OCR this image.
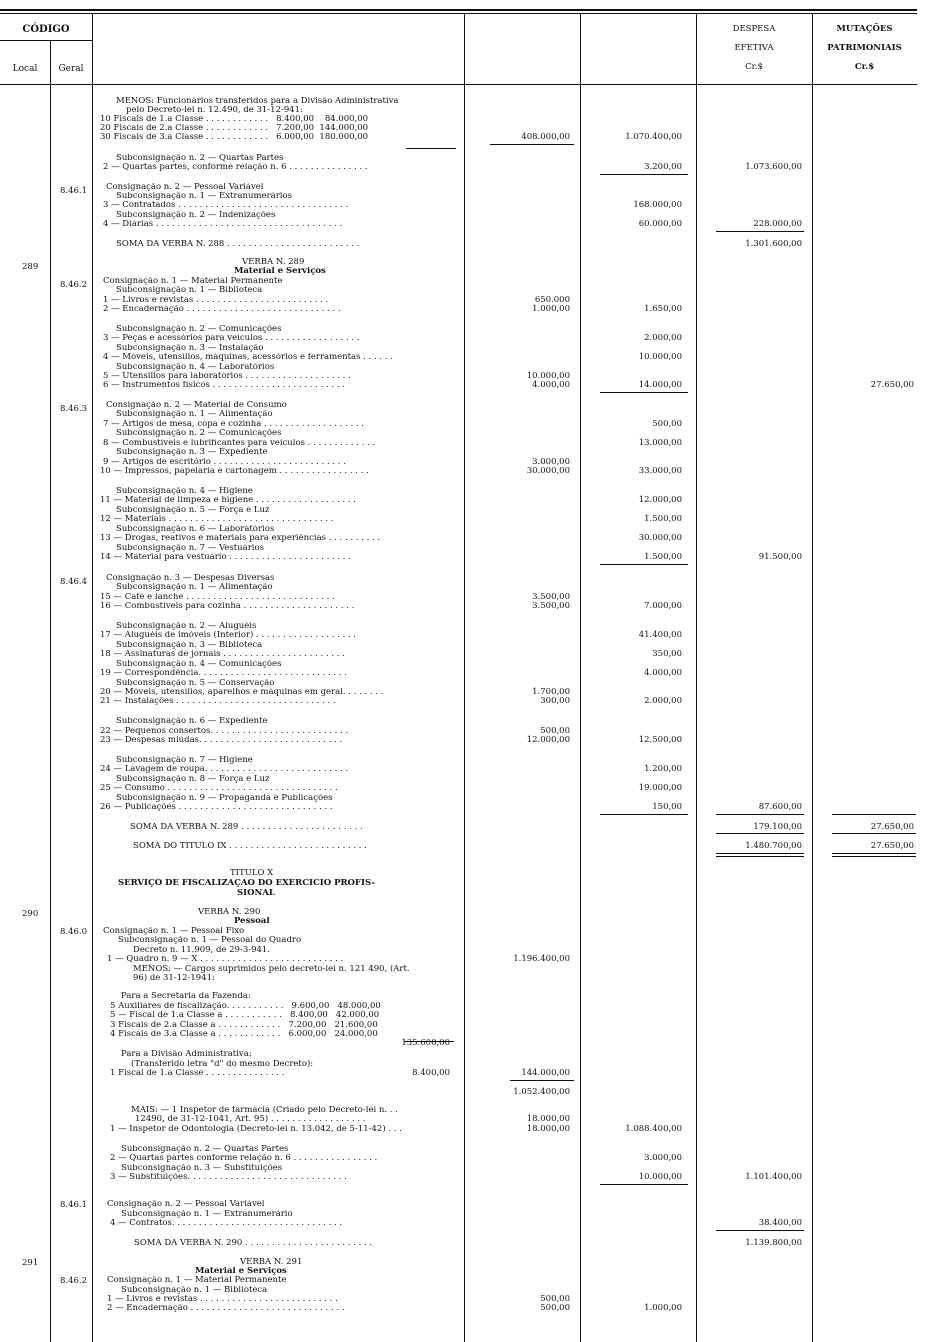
CÓDIGO
Local	Geral
DESPESA
EFETIVA
Cr.$
MUTAÇÕES
PATRIMONIAIS
Cr.$
8.46.1
289
8.46.2
8.46.3
8.46.4
290
8.46.0
8.46.1
291
8.46.2
MENOS: Funcionários transferidos para a Divisão Administrativa
pelo Decreto-lei n. 12.490, de 31-12-941:
10 Fiscais de 1.a Classe . . . . . . . . . . . .   8.400,00    84.000,00
20 Fiscais de 2.a Classe . . . . . . . . . . . .   7.200,00  144.000,00
30 Fiscais de 3.a Classe . . . . . . . . . . . .   6.000,00  180.000,00
Subconsignação n. 2 — Quartas Partes
2 — Quartas partes, conforme relação n. 6 . . . . . . . . . . . . . . .
Consignação n. 2 — Pessoal Variável
Subconsignação n. 1 — Extranumerários
3 — Contratados . . . . . . . . . . . . . . . . . . . . . . . . . . . . . . . .
Subconsignação n. 2 — Indenizações
4 — Diárias . . . . . . . . . . . . . . . . . . . . . . . . . . . . . . . . . . .
SOMA DA VERBA N. 288 . . . . . . . . . . . . . . . . . . . . . . . . .
VERBA N. 289
Material e Serviços
Consignação n. 1 — Material Permanente
Subconsignação n. 1 — Biblioteca
1 — Livros e revistas . . . . . . . . . . . . . . . . . . . . . . . . .
2 — Encadernação . . . . . . . . . . . . . . . . . . . . . . . . . . . . .
Subconsignação n. 2 — Comunicações
3 — Peças e acessórios para veículos . . . . . . . . . . . . . . . . . .
Subconsignação n. 3 — Instalação
4 — Móveis, utensílios, máquinas, acessórios e ferramentas . . . . . .
Subconsignação n. 4 — Laboratórios
5 — Utensílios para laboratórios . . . . . . . . . . . . . . . . . . . .
6 — Instrumentos físicos . . . . . . . . . . . . . . . . . . . . . . . . .
Consignação n. 2 — Material de Consumo
Subconsignação n. 1 — Alimentação
7 — Artigos de mesa, copa e cozinha . . . . . . . . . . . . . . . . . . .
Subconsignação n. 2 — Comunicações
8 — Combustíveis e lubrificantes para veículos . . . . . . . . . . . . .
Subconsignação n. 3 — Expediente
9 — Artigos de escritório . . . . . . . . . . . . . . . . . . . . . . . . .
10 — Impressos, papelaria e cartonagem . . . . . . . . . . . . . . . . .
Subconsignação n. 4 — Higiene
11 — Material de limpeza e higiene . . . . . . . . . . . . . . . . . . .
Subconsignação n. 5 — Força e Luz
12 — Materiais . . . . . . . . . . . . . . . . . . . . . . . . . . . . . . .
Subconsignação n. 6 — Laboratórios
13 — Drogas, reativos e materiais para experiências . . . . . . . . . .
Subconsignação n. 7 — Vestuários
14 — Material para vestuário . . . . . . . . . . . . . . . . . . . . . . .
Consignação n. 3 — Despesas Diversas
Subconsignação n. 1 — Alimentação
15 — Café e lanche . . . . . . . . . . . . . . . . . . . . . . . . . . . .
16 — Combustíveis para cozinha . . . . . . . . . . . . . . . . . . . . .
Subconsignação n. 2 — Aluguéis
17 — Aluguéis de imóveis (Interior) . . . . . . . . . . . . . . . . . . .
Subconsignação n. 3 — Biblioteca
18 — Assinaturas de jornais . . . . . . . . . . . . . . . . . . . . . . .
Subconsignação n. 4 — Comunicações
19 — Correspondência. . . . . . . . . . . . . . . . . . . . . . . . . . . .
Subconsignação n. 5 — Conservação
20 — Móveis, utensílios, aparelhos e máquinas em geral. . . . . . . .
21 — Instalações . . . . . . . . . . . . . . . . . . . . . . . . . . . . . .
Subconsignação n. 6 — Expediente
22 — Pequenos consertos. . . . . . . . . . . . . . . . . . . . . . . . . .
23 — Despesas miúdas. . . . . . . . . . . . . . . . . . . . . . . . . . .
Subconsignação n. 7 — Higiene
24 — Lavagem de roupa. . . . . . . . . . . . . . . . . . . . . . . . . . .
Subconsignação n. 8 — Força e Luz
25 — Consumo . . . . . . . . . . . . . . . . . . . . . . . . . . . . . . . .
Subconsignação n. 9 — Propaganda e Publicações
26 — Publicações . . . . . . . . . . . . . . . . . . . . . . . . . . . . .
SOMA DA VERBA N. 289 . . . . . . . . . . . . . . . . . . . . . . .
SOMA DO TÍTULO IX . . . . . . . . . . . . . . . . . . . . . . . . . .
TITULO X
SERVIÇO DE FISCALIZAÇÃO DO EXERCÍCIO PROFIS-
SIONAL
VERBA N. 290
Pessoal
Consignação n. 1 — Pessoal Fixo
Subconsignação n. 1 — Pessoal do Quadro
Decreto n. 11.909, de 29-3-941.
1 — Quadro n. 9 — X . . . . . . . . . . . . . . . . . . . . . . . . . . .
MENOS: — Cargos suprimidos pelo decreto-lei n. 121 490, (Art.
96) de 31-12-1941:
Para a Secretaria da Fazenda:
5 Auxiliares de fiscalização. . . . . . . . . . .   9.600,00   48.000,00
5 — Fiscal de 1.a Classe a . . . . . . . . . . .   8.400,00   42.000,00
3 Fiscais de 2.a Classe a . . . . . . . . . . . .   7.200,00   21.600,00
4 Fiscais de 3.a Classe a . . . . . . . . . . . .   6.000,00   24.000,00
Para a Divisão Administrativa:
(Transferido letra "d" do mesmo Decreto):
1 Fiscal de 1.a Classe . . . . . . . . . . . . . . .
MAIS: — 1 Inspetor de farmácia (Criado pelo Decreto-lei n. . .
12490, de 31-12-1041, Art. 95) . . . . . . . . . . . . . . . . . .
1 — Inspetor de Odontologia (Decreto-lei n. 13.042, de 5-11-42) . . .
Subconsignação n. 2 — Quartas Partes
2 — Quartas partes conforme relação n. 6 . . . . . . . . . . . . . . . .
Subconsignação n. 3 — Substituições
3 — Substituições. . . . . . . . . . . . . . . . . . . . . . . . . . . . . .
Consignação n. 2 — Pessoal Variável
Subconsignação n. 1 — Extranumerário
4 — Contratos. . . . . . . . . . . . . . . . . . . . . . . . . . . . . . . .
SOMA DA VERBA N. 290 . . . . . . . . . . . . . . . . . . . . . . . .
VERBA N. 291
Material e Serviços
Consignação n. 1 — Material Permanente
Subconsignação n. 1 — Biblioteca
1 — Livros e revistas . . . . . . . . . . . . . . . . . . . . . . . . . .
2 — Encadernação . . . . . . . . . . . . . . . . . . . . . . . . . . . . .
135.600,00
8.400,00
408.000,00
650.000
1.000,00
10.000,00
4.000,00
3.000,00
30.000,00
3.500,00
3.500,00
1.700,00
300,00
500,00
12.000,00
1.196.400,00
144.000,00
1.052.400,00
18.000,00
18.000,00
500,00
500,00
1.070.400,00
3.200,00
168.000,00
60.000,00
1.650,00
2.000,00
10.000,00
14.000,00
500,00
13.000,00
33.000,00
12.000,00
1.500,00
30.000,00
1.500,00
7.000,00
41.400,00
350,00
4.000,00
2.000,00
12.500,00
1.200,00
19.000,00
150,00
1.088.400,00
3.000,00
10.000,00
1.000,00
1.073.600,00
228.000,00
1.301.600,00
91.500,00
87.600,00
179.100,00
1.480.700,00
1.101.400,00
38.400,00
1.139.800,00
27.650,00
27.650,00
27.650,00
